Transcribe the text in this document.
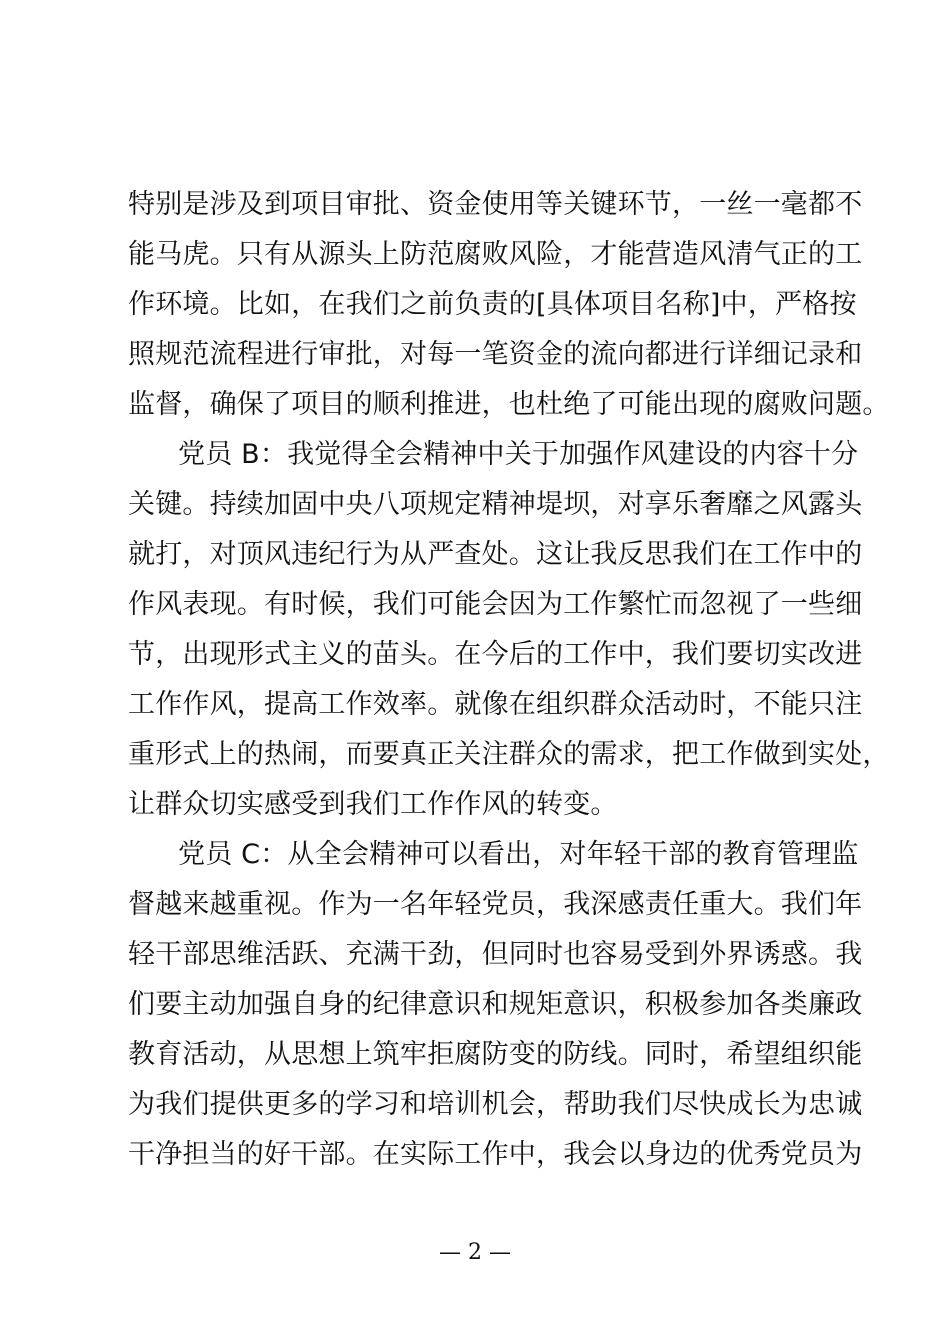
特别是涉及到项目审批、资金使用等关键环节，一丝一毫都不
能马虎。只有从源头上防范腐败风险，才能营造风清气正的工
作环境。比如，在我们之前负责的[具体项目名称]中，严格按
照规范流程进行审批，对每一笔资金的流向都进行详细记录和
监督，确保了项目的顺利推进，也杜绝了可能出现的腐败问题。
党员 B：我觉得全会精神中关于加强作风建设的内容十分
关键。持续加固中央八项规定精神堤坝，对享乐奢靡之风露头
就打，对顶风违纪行为从严查处。这让我反思我们在工作中的
作风表现。有时候，我们可能会因为工作繁忙而忽视了一些细
节，出现形式主义的苗头。在今后的工作中，我们要切实改进
工作作风，提高工作效率。就像在组织群众活动时，不能只注
重形式上的热闹，而要真正关注群众的需求，把工作做到实处，
让群众切实感受到我们工作作风的转变。
党员 C：从全会精神可以看出，对年轻干部的教育管理监
督越来越重视。作为一名年轻党员，我深感责任重大。我们年
轻干部思维活跃、充满干劲，但同时也容易受到外界诱惑。我
们要主动加强自身的纪律意识和规矩意识，积极参加各类廉政
教育活动，从思想上筑牢拒腐防变的防线。同时，希望组织能
为我们提供更多的学习和培训机会，帮助我们尽快成长为忠诚
干净担当的好干部。在实际工作中，我会以身边的优秀党员为
— 2 —
